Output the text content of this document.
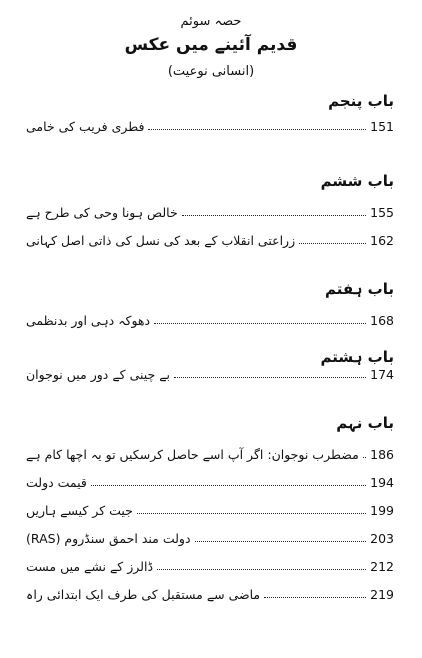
حصہ سوئم
قدیم آئینے میں عکس
(انسانی نوعیت)
باب پنجم
فطری فریب کی خامی	151
باب ششم
خالص ہونا وحی کی طرح ہے	155
زراعتی انقلاب کے بعد کی نسل کی ذاتی اصل کہانی	162
باب ہفتم
دھوکہ دہی اور بدنظمی	168
باب ہشتم
بے چینی کے دور میں نوجوان	174
باب نہم
مضطرب نوجوان: اگر آپ اسے حاصل کرسکیں تو یہ اچھا کام ہے 186
قیمت دولت	194
جیت کر کیسے ہاریں	199
دولت مند احمق سنڈروم (RAS)	203
ڈالرز کے نشے میں مست	212
ماضی سے مستقبل کی طرف ایک ابتدائی راہ	219
